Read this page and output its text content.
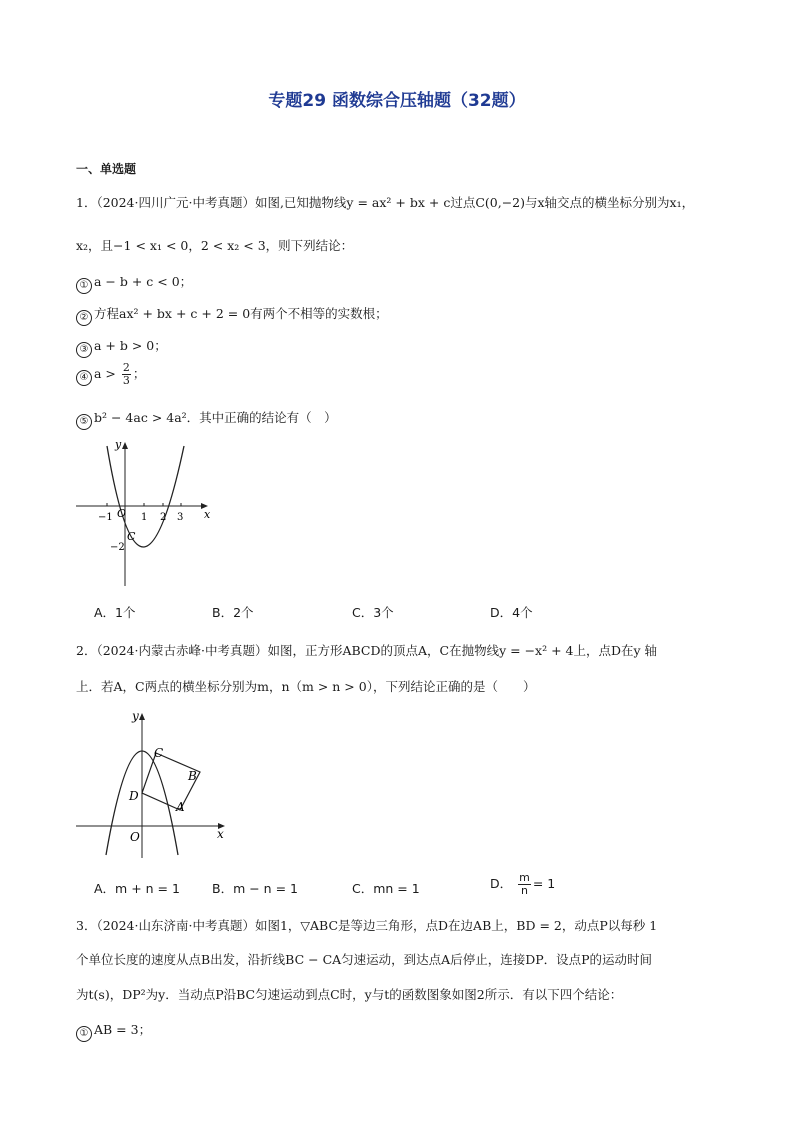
专题29 函数综合压轴题（32题）
一、单选题
1．（2024·四川广元·中考真题）如图,已知抛物线y = ax² + bx + c过点C(0,−2)与x轴交点的横坐标分别为x₁，
x₂，且−1 < x₁ < 0，2 < x₂ < 3，则下列结论：
① a − b + c < 0；
② 方程ax² + bx + c + 2 = 0有两个不相等的实数根；
③ a + b > 0；
④ $a > \frac{2}{3}$ ；
⑤ b² − 4ac > 4a²．其中正确的结论有（　）
y
x
O
−1	1 2 3
−2
C
A．1个	B．2个	C．3个	D．4个
2．（2024·内蒙古赤峰·中考真题）如图，正方形ABCD的顶点A，C在抛物线y = −x² + 4上，点D在y 轴
上．若A，C两点的横坐标分别为m，n（m > n > 0），下列结论正确的是（　　）
y
x
O
C
B
A
D
A．m + n = 1	B．m − n = 1	C．mn = 1	D． $\frac{m}{n} = 1$
3．（2024·山东济南·中考真题）如图1，▽ABC是等边三角形，点D在边AB上，BD = 2，动点P以每秒 1
个单位长度的速度从点B出发，沿折线BC − CA匀速运动，到达点A后停止，连接DP．设点P的运动时间
为t(s)，DP²为y．当动点P沿BC匀速运动到点C时，y与t的函数图象如图2所示．有以下四个结论：
① AB = 3；
